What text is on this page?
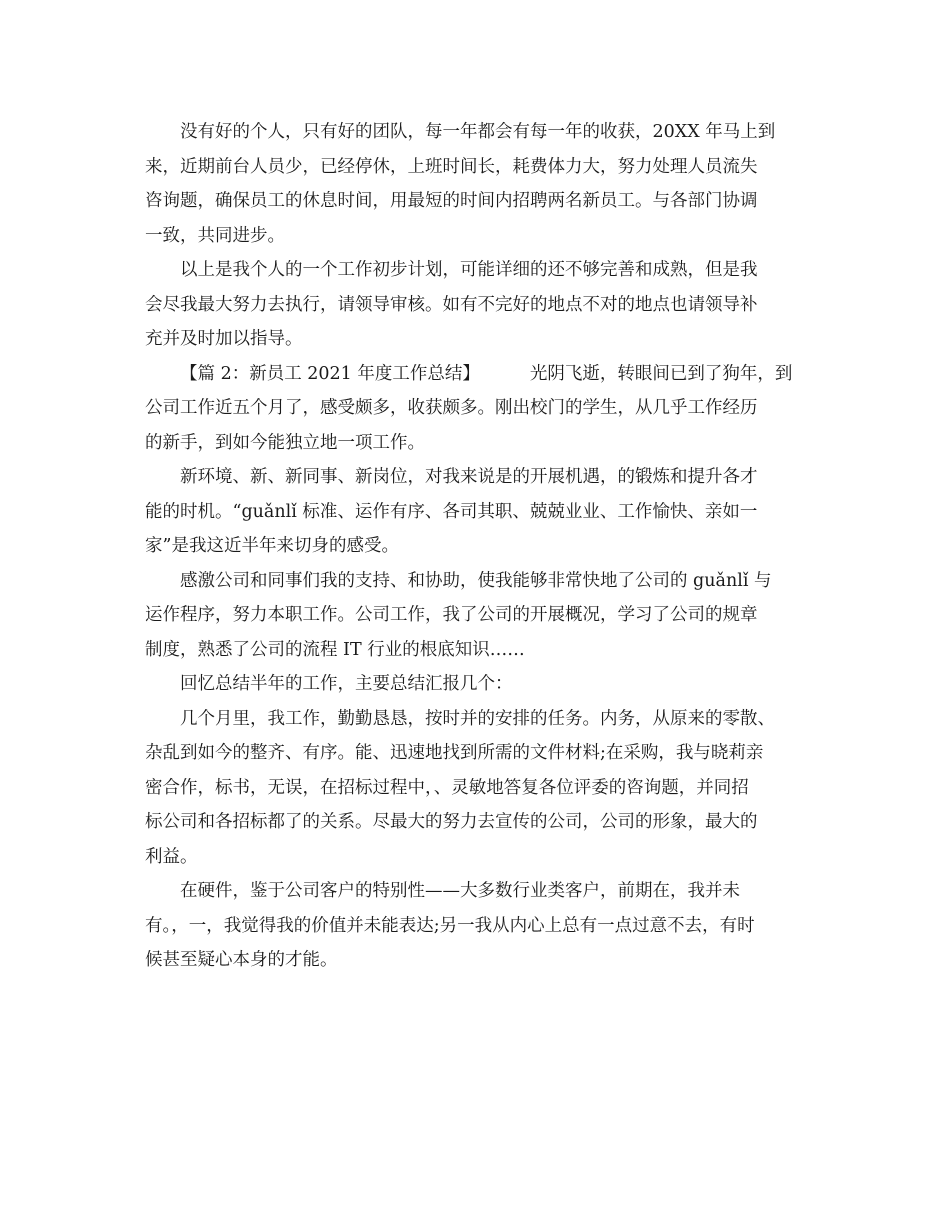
没有好的个人，只有好的团队，每一年都会有每一年的收获，20XX 年马上到
来，近期前台人员少，已经停休，上班时间长，耗费体力大，努力处理人员流失
咨询题，确保员工的休息时间，用最短的时间内招聘两名新员工。与各部门协调
一致，共同进步。
以上是我个人的一个工作初步计划，可能详细的还不够完善和成熟，但是我
会尽我最大努力去执行，请领导审核。如有不完好的地点不对的地点也请领导补
充并及时加以指导。
【篇 2：新员工 2021 年度工作总结】	光阴飞逝，转眼间已到了狗年，到
公司工作近五个月了，感受颇多，收获颇多。刚出校门的学生，从几乎工作经历
的新手，到如今能独立地一项工作。
新环境、新、新同事、新岗位，对我来说是的开展机遇，的锻炼和提升各才
能的时机。“guǎnlǐ 标准、运作有序、各司其职、兢兢业业、工作愉快、亲如一
家”是我这近半年来切身的感受。
感激公司和同事们我的支持、和协助，使我能够非常快地了公司的 guǎnlǐ 与
运作程序，努力本职工作。公司工作，我了公司的开展概况，学习了公司的规章
制度，熟悉了公司的流程 IT 行业的根底知识……
回忆总结半年的工作，主要总结汇报几个：
几个月里，我工作，勤勤恳恳，按时并的安排的任务。内务，从原来的零散、
杂乱到如今的整齐、有序。能、迅速地找到所需的文件材料;在采购，我与晓莉亲
密合作，标书，无误，在招标过程中，、灵敏地答复各位评委的咨询题，并同招
标公司和各招标都了的关系。尽最大的努力去宣传的公司，公司的形象，最大的
利益。
在硬件，鉴于公司客户的特别性——大多数行业类客户，前期在，我并未
有。，一，我觉得我的价值并未能表达;另一我从内心上总有一点过意不去，有时
候甚至疑心本身的才能。
